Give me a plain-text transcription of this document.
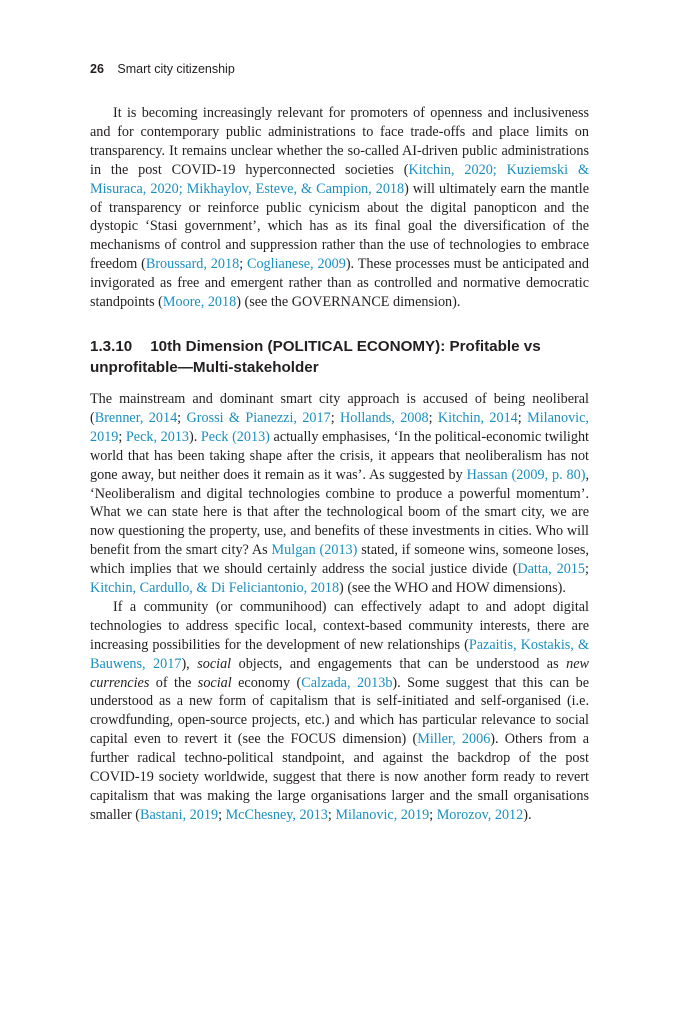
26 Smart city citizenship

It is becoming increasingly relevant for promoters of openness and inclusiveness and for contemporary public administrations to face trade-offs and place limits on transparency. It remains unclear whether the so-called AI-driven public administrations in the post COVID-19 hyperconnected societies (Kitchin, 2020; Kuziemski & Misuraca, 2020; Mikhaylov, Esteve, & Campion, 2018) will ultimately earn the mantle of transparency or reinforce public cynicism about the digital panopticon and the dystopic ‘Stasi government’, which has as its final goal the diversification of the mechanisms of control and suppression rather than the use of technologies to embrace freedom (Broussard, 2018; Coglianese, 2009). These processes must be anticipated and invigorated as free and emergent rather than as controlled and normative democratic standpoints (Moore, 2018) (see the GOVERNANCE dimension).

1.3.10 10th Dimension (POLITICAL ECONOMY): Profitable vs unprofitable—Multi-stakeholder

The mainstream and dominant smart city approach is accused of being neoliberal (Brenner, 2014; Grossi & Pianezzi, 2017; Hollands, 2008; Kitchin, 2014; Milanovic, 2019; Peck, 2013). Peck (2013) actually emphasises, ‘In the political-economic twilight world that has been taking shape after the crisis, it appears that neoliberalism has not gone away, but neither does it remain as it was’. As suggested by Hassan (2009, p. 80), ‘Neoliberalism and digital technologies combine to produce a powerful momentum’. What we can state here is that after the technological boom of the smart city, we are now questioning the property, use, and benefits of these investments in cities. Who will benefit from the smart city? As Mulgan (2013) stated, if someone wins, someone loses, which implies that we should certainly address the social justice divide (Datta, 2015; Kitchin, Cardullo, & Di Feliciantonio, 2018) (see the WHO and HOW dimensions).

If a community (or communihood) can effectively adapt to and adopt digital technologies to address specific local, context-based community interests, there are increasing possibilities for the development of new relationships (Pazaitis, Kostakis, & Bauwens, 2017), social objects, and engagements that can be understood as new currencies of the social economy (Calzada, 2013b). Some suggest that this can be understood as a new form of capitalism that is self-initiated and self-organised (i.e. crowdfunding, open-source projects, etc.) and which has particular relevance to social capital even to revert it (see the FOCUS dimension) (Miller, 2006). Others from a further radical techno-political standpoint, and against the backdrop of the post COVID-19 society worldwide, suggest that there is now another form ready to revert capitalism that was making the large organisations larger and the small organisations smaller (Bastani, 2019; McChesney, 2013; Milanovic, 2019; Morozov, 2012).
